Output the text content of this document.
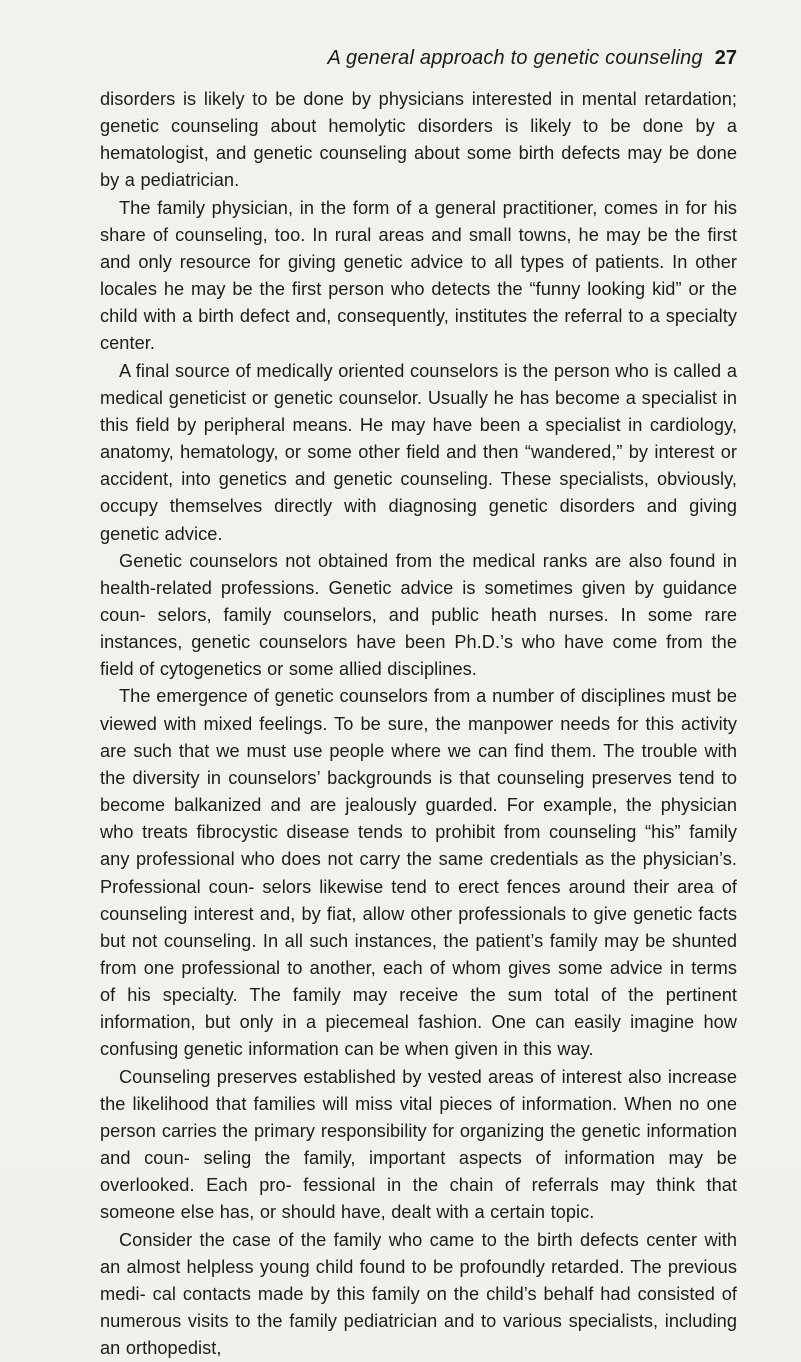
A general approach to genetic counseling 27

disorders is likely to be done by physicians interested in mental retardation; genetic counseling about hemolytic disorders is likely to be done by a hematologist, and genetic counseling about some birth defects may be done by a pediatrician.

The family physician, in the form of a general practitioner, comes in for his share of counseling, too. In rural areas and small towns, he may be the first and only resource for giving genetic advice to all types of patients. In other locales he may be the first person who detects the “funny looking kid” or the child with a birth defect and, consequently, institutes the referral to a specialty center.

A final source of medically oriented counselors is the person who is called a medical geneticist or genetic counselor. Usually he has become a specialist in this field by peripheral means. He may have been a specialist in cardiology, anatomy, hematology, or some other field and then “wandered,” by interest or accident, into genetics and genetic counseling. These specialists, obviously, occupy themselves directly with diagnosing genetic disorders and giving genetic advice.

Genetic counselors not obtained from the medical ranks are also found in health-related professions. Genetic advice is sometimes given by guidance coun- selors, family counselors, and public heath nurses. In some rare instances, genetic counselors have been Ph.D.’s who have come from the field of cytogenetics or some allied disciplines.

The emergence of genetic counselors from a number of disciplines must be viewed with mixed feelings. To be sure, the manpower needs for this activity are such that we must use people where we can find them. The trouble with the diversity in counselors’ backgrounds is that counseling preserves tend to become balkanized and are jealously guarded. For example, the physician who treats fibrocystic disease tends to prohibit from counseling “his” family any professional who does not carry the same credentials as the physician’s. Professional coun- selors likewise tend to erect fences around their area of counseling interest and, by fiat, allow other professionals to give genetic facts but not counseling. In all such instances, the patient’s family may be shunted from one professional to another, each of whom gives some advice in terms of his specialty. The family may receive the sum total of the pertinent information, but only in a piecemeal fashion. One can easily imagine how confusing genetic information can be when given in this way.

Counseling preserves established by vested areas of interest also increase the likelihood that families will miss vital pieces of information. When no one person carries the primary responsibility for organizing the genetic information and coun- seling the family, important aspects of information may be overlooked. Each pro- fessional in the chain of referrals may think that someone else has, or should have, dealt with a certain topic.

Consider the case of the family who came to the birth defects center with an almost helpless young child found to be profoundly retarded. The previous medi- cal contacts made by this family on the child’s behalf had consisted of numerous visits to the family pediatrician and to various specialists, including an orthopedist,
